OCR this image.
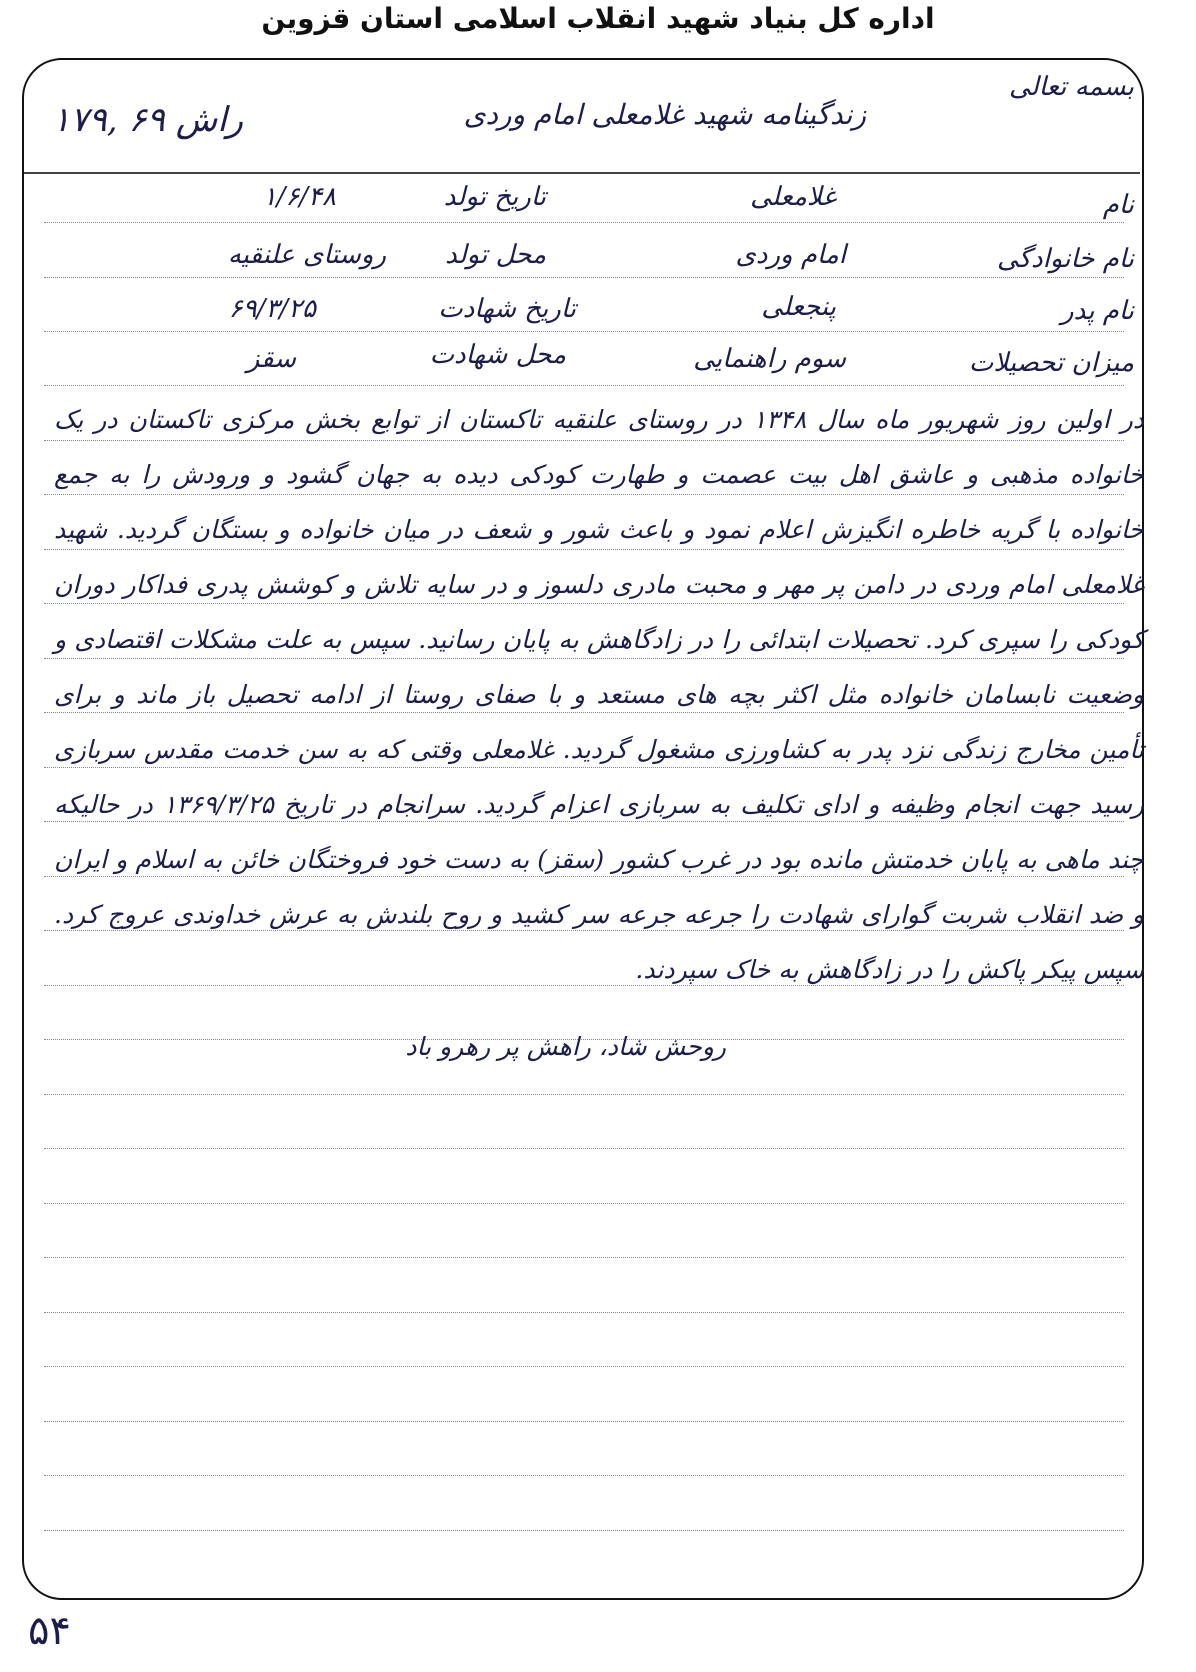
اداره کل بنیاد شهید انقلاب اسلامی استان قزوین
بسمه تعالی
زندگینامه شهید غلامعلی امام وردی
۱۷۹, ۶۹ راش
نام
غلامعلی
نام خانوادگی
امام وردی
نام پدر
پنجعلی
میزان تحصیلات
سوم راهنمایی
تاریخ تولد
۱/۶/۴۸
محل تولد
روستای علنقیه
تاریخ شهادت
۶۹/۳/۲۵
محل شهادت
سقز
در اولین روز شهریور ماه سال ۱۳۴۸ در روستای علنقیه تاکستان از توابع بخش مرکزی تاکستان در یک خانواده مذهبی و عاشق اهل بیت عصمت و طهارت کودکی دیده به جهان گشود و ورودش را به جمع خانواده با گریه خاطره انگیزش اعلام نمود و باعث شور و شعف در میان خانواده و بستگان گردید. شهید غلامعلی امام وردی در دامن پر مهر و محبت مادری دلسوز و در سایه تلاش و کوشش پدری فداکار دوران کودکی را سپری کرد. تحصیلات ابتدائی را در زادگاهش به پایان رسانید. سپس به علت مشکلات اقتصادی و وضعیت نابسامان خانواده مثل اکثر بچه های مستعد و با صفای روستا از ادامه تحصیل باز ماند و برای تأمین مخارج زندگی نزد پدر به کشاورزی مشغول گردید. غلامعلی وقتی که به سن خدمت مقدس سربازی رسید جهت انجام وظیفه و ادای تکلیف به سربازی اعزام گردید. سرانجام در تاریخ ۱۳۶۹/۳/۲۵ در حالیکه چند ماهی به پایان خدمتش مانده بود در غرب کشور (سقز) به دست خود فروختگان خائن به اسلام و ایران و ضد انقلاب شربت گوارای شهادت را جرعه جرعه سر کشید و روح بلندش به عرش خداوندی عروج کرد. سپس پیکر پاکش را در زادگاهش به خاک سپردند.
روحش شاد، راهش پر رهرو باد
۵۴
